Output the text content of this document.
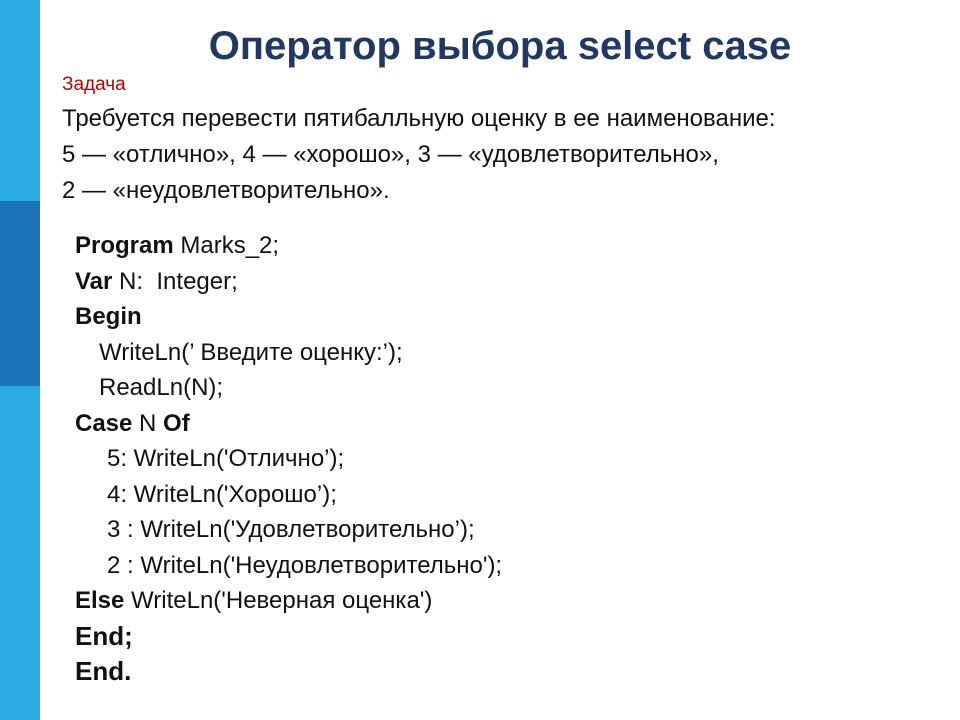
Оператор выбора select case
Задача
Требуется перевести пятибалльную оценку в ее наименование:
5 — «отлично», 4 — «хорошо», 3 — «удовлетворительно»,
2 — «неудовлетворительно».
Program Marks_2;
Var N:  Integer;
Begin
WriteLn(’ Введите оценку:’);
ReadLn(N);
Case N Of
5: WriteLn('Отлично’);
4: WriteLn('Хорошо’);
3 : WriteLn('Удовлетворительно’);
2 : WriteLn('Неудовлетворительно');
Else WriteLn('Неверная оценка')
End;
End.
